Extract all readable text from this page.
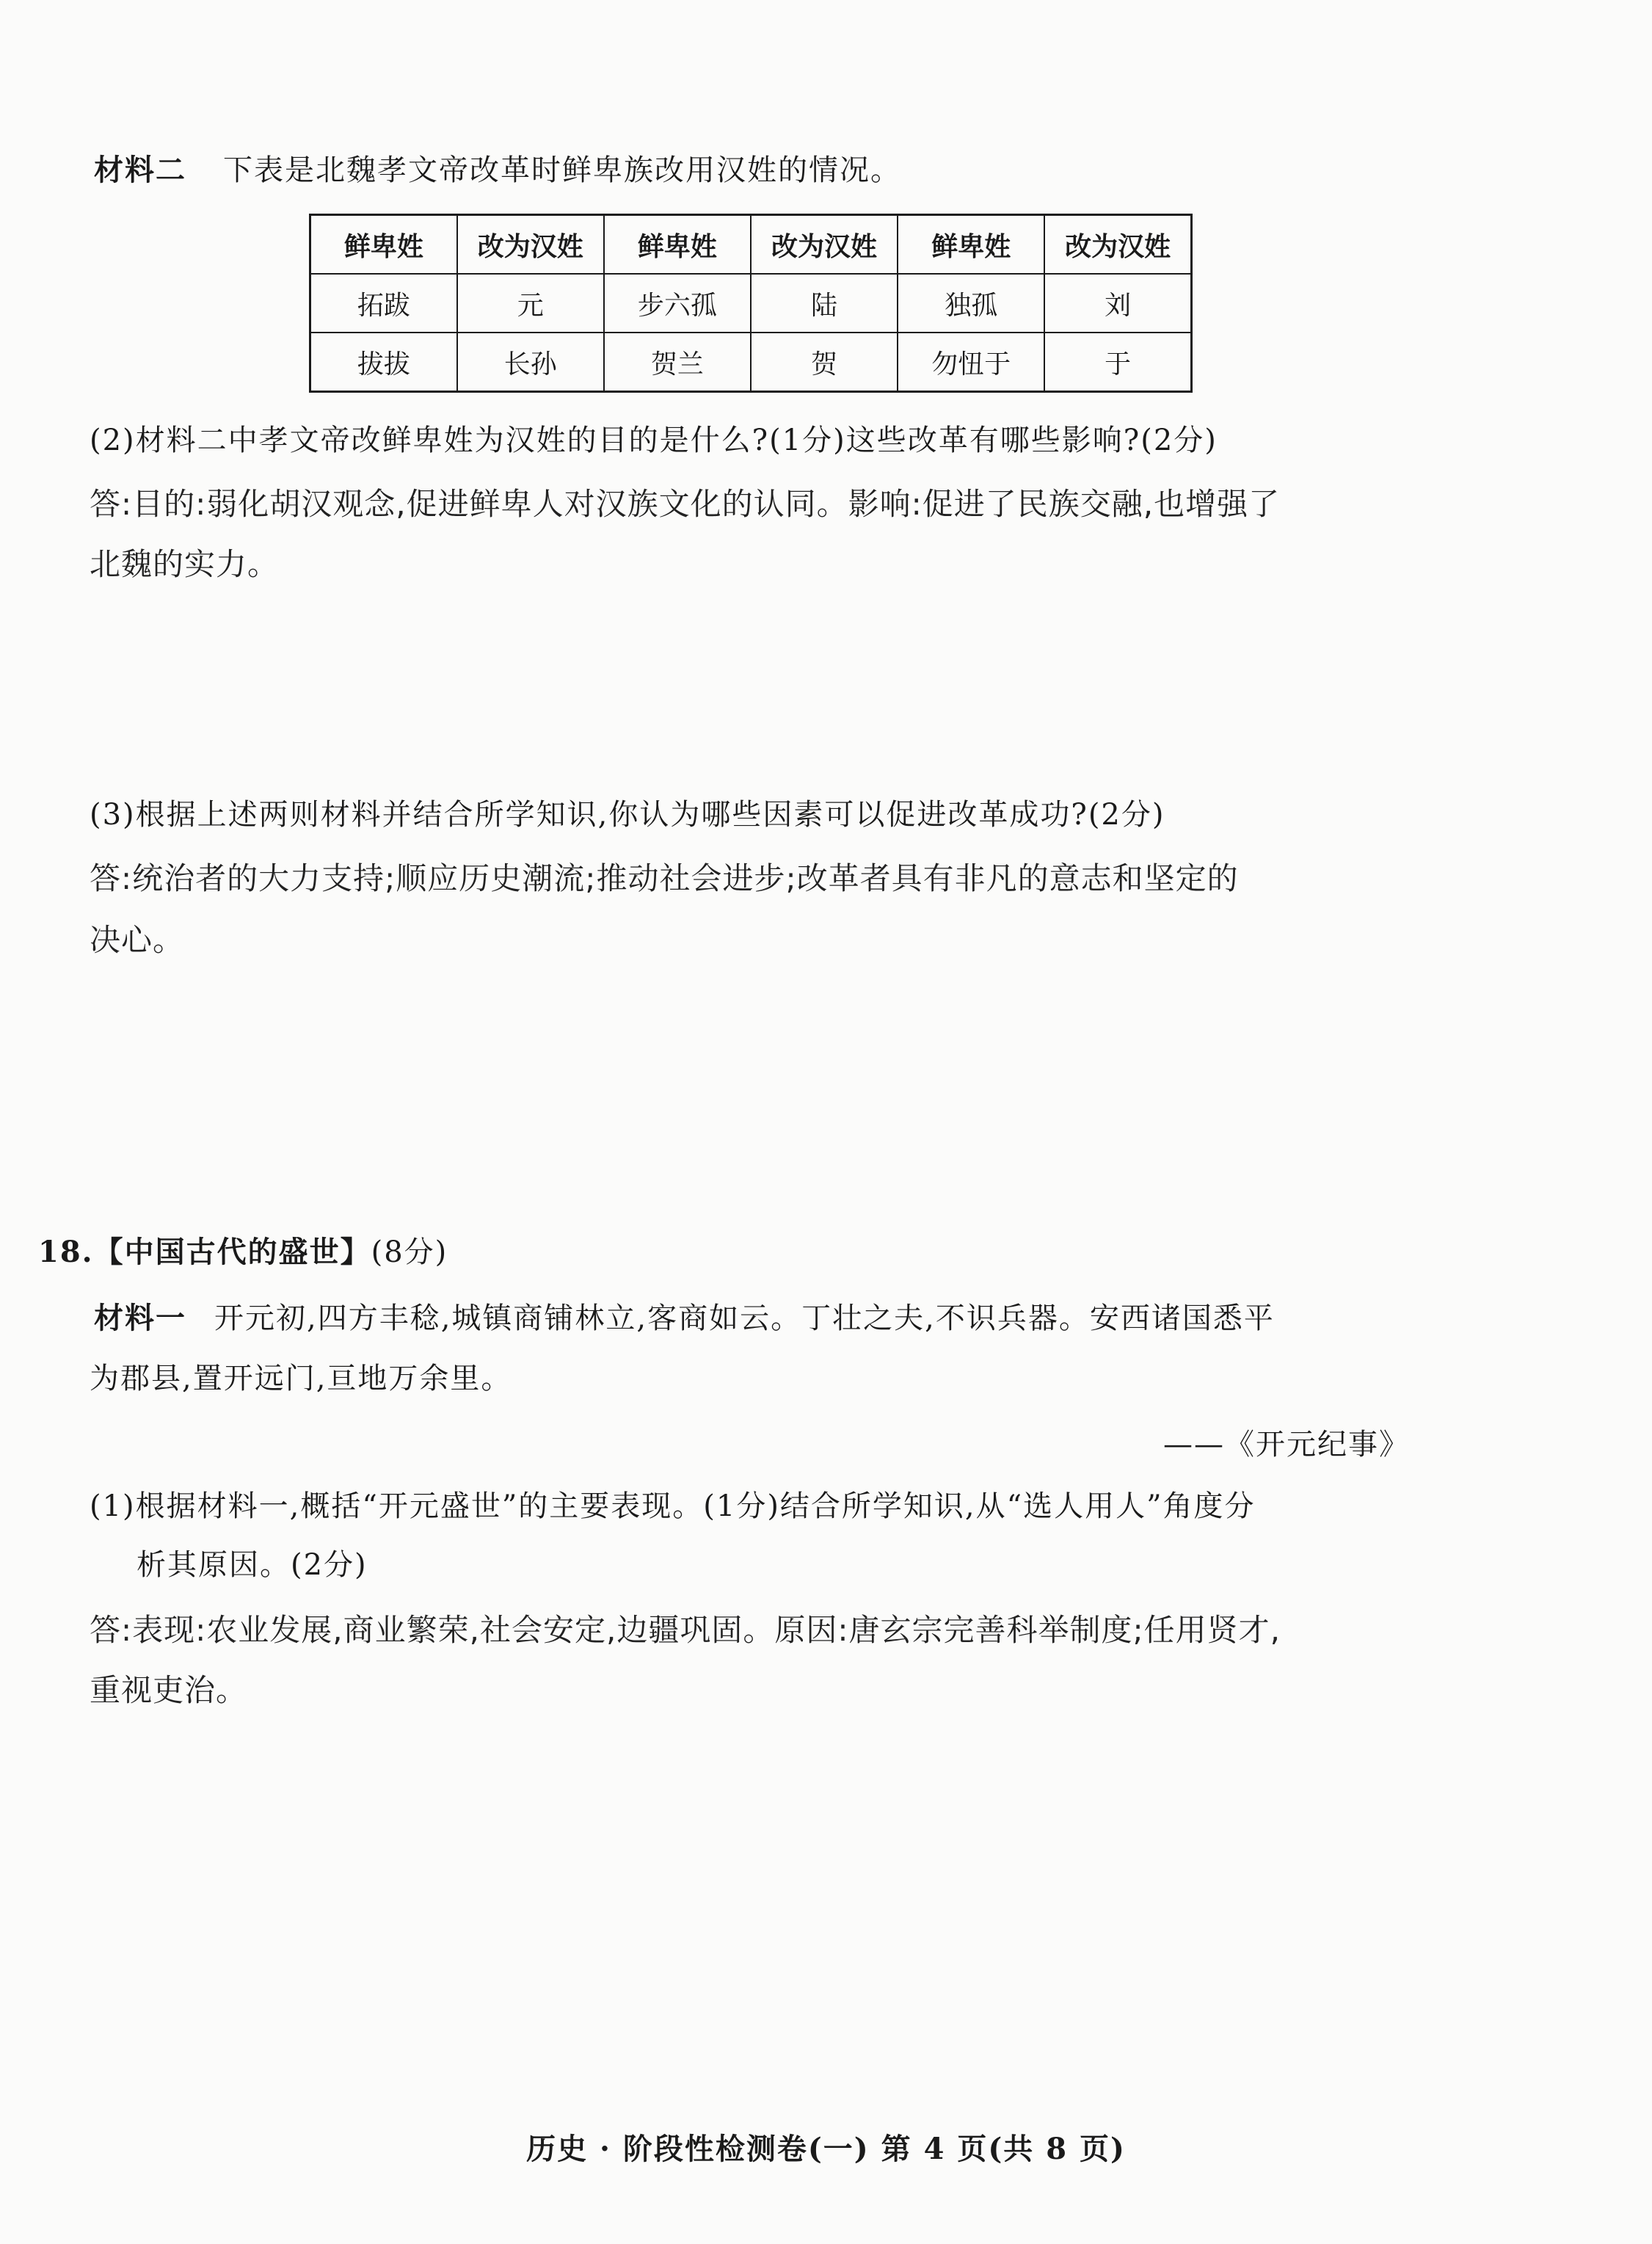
材料二 下表是北魏孝文帝改革时鲜卑族改用汉姓的情况。
鲜卑姓	改为汉姓	鲜卑姓	改为汉姓	鲜卑姓	改为汉姓
拓跋	元	步六孤	陆	独孤	刘
拔拔	长孙	贺兰	贺	勿忸于	于
(2)材料二中孝文帝改鲜卑姓为汉姓的目的是什么?(1分)这些改革有哪些影响?(2分)
答:目的:弱化胡汉观念,促进鲜卑人对汉族文化的认同。影响:促进了民族交融,也增强了
北魏的实力。
(3)根据上述两则材料并结合所学知识,你认为哪些因素可以促进改革成功?(2分)
答:统治者的大力支持;顺应历史潮流;推动社会进步;改革者具有非凡的意志和坚定的
决心。
18.【中国古代的盛世】(8分)
材料一 开元初,四方丰稔,城镇商铺林立,客商如云。丁壮之夫,不识兵器。安西诸国悉平
为郡县,置开远门,亘地万余里。
——《开元纪事》
(1)根据材料一,概括“开元盛世”的主要表现。(1分)结合所学知识,从“选人用人”角度分
析其原因。(2分)
答:表现:农业发展,商业繁荣,社会安定,边疆巩固。原因:唐玄宗完善科举制度;任用贤才,
重视吏治。
历史 · 阶段性检测卷(一) 第 4 页(共 8 页)
